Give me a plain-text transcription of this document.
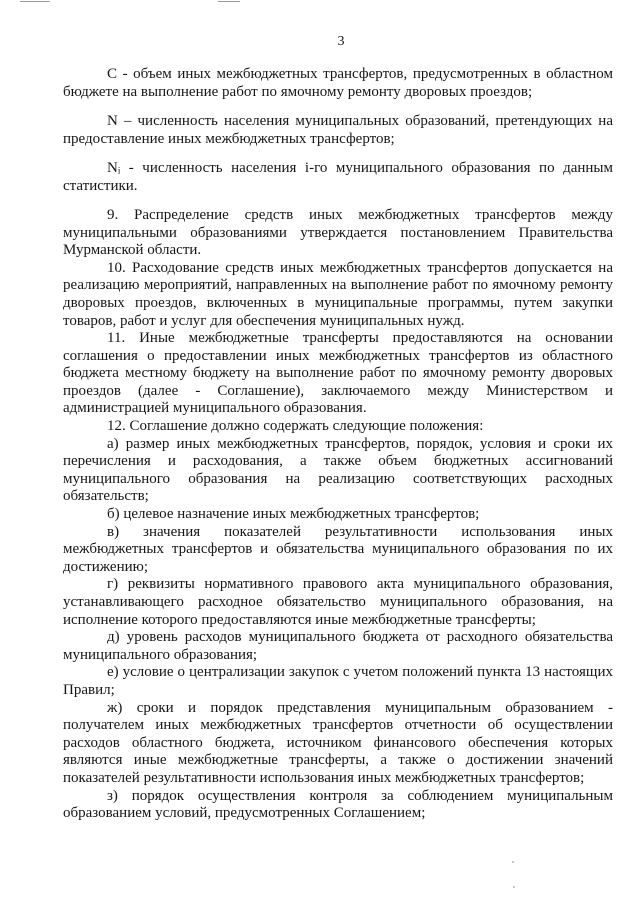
3
С - объем иных межбюджетных трансфертов, предусмотренных в областном
бюджете на выполнение работ по ямочному ремонту дворовых проездов;
N – численность населения муниципальных образований, претендующих на
предоставление иных межбюджетных трансфертов;
Nᵢ - численность населения i-го муниципального образования по данным
статистики.
9. Распределение средств иных межбюджетных трансфертов между
муниципальными образованиями утверждается постановлением Правительства
Мурманской области.
10. Расходование средств иных межбюджетных трансфертов допускается на
реализацию мероприятий, направленных на выполнение работ по ямочному ремонту
дворовых проездов, включенных в муниципальные программы, путем закупки
товаров, работ и услуг для обеспечения муниципальных нужд.
11. Иные межбюджетные трансферты предоставляются на основании
соглашения о предоставлении иных межбюджетных трансфертов из областного
бюджета местному бюджету на выполнение работ по ямочному ремонту дворовых
проездов (далее - Соглашение), заключаемого между Министерством и
администрацией муниципального образования.
12. Соглашение должно содержать следующие положения:
а) размер иных межбюджетных трансфертов, порядок, условия и сроки их
перечисления и расходования, а также объем бюджетных ассигнований
муниципального образования на реализацию соответствующих расходных
обязательств;
б) целевое назначение иных межбюджетных трансфертов;
в) значения показателей результативности использования иных
межбюджетных трансфертов и обязательства муниципального образования по их
достижению;
г) реквизиты нормативного правового акта муниципального образования,
устанавливающего расходное обязательство муниципального образования, на
исполнение которого предоставляются иные межбюджетные трансферты;
д) уровень расходов муниципального бюджета от расходного обязательства
муниципального образования;
е) условие о централизации закупок с учетом положений пункта 13 настоящих
Правил;
ж) сроки и порядок представления муниципальным образованием -
получателем иных межбюджетных трансфертов отчетности об осуществлении
расходов областного бюджета, источником финансового обеспечения которых
являются иные межбюджетные трансферты, а также о достижении значений
показателей результативности использования иных межбюджетных трансфертов;
з) порядок осуществления контроля за соблюдением муниципальным
образованием условий, предусмотренных Соглашением;
